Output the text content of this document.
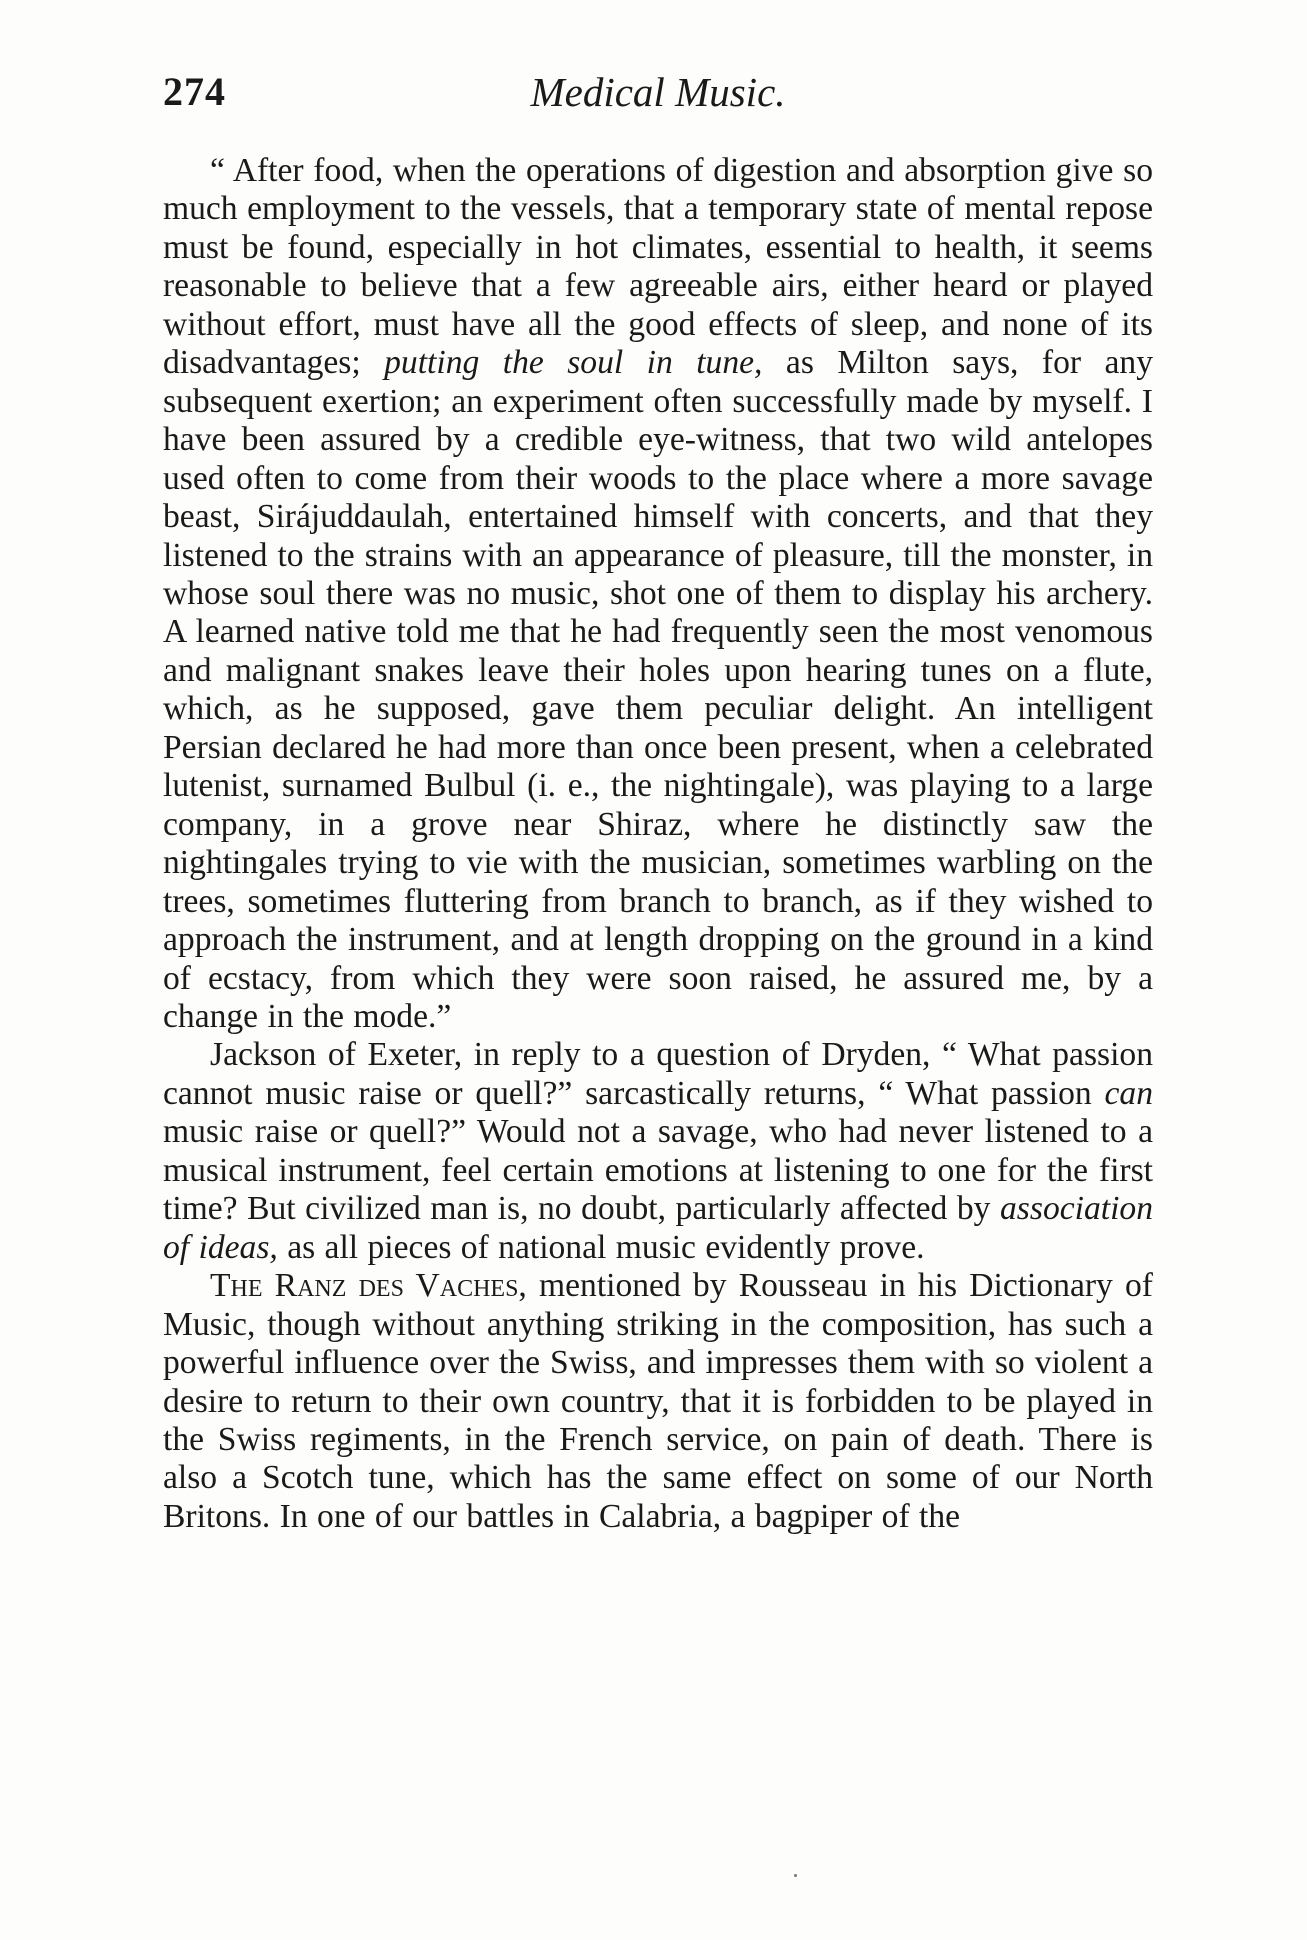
274	Medical Music.

“ After food, when the operations of digestion and absorption give so much employment to the vessels, that a temporary state of mental repose must be found, especially in hot climates, essential to health, it seems reasonable to believe that a few agreeable airs, either heard or played without effort, must have all the good effects of sleep, and none of its disadvantages; putting the soul in tune, as Milton says, for any subsequent exertion; an experiment often successfully made by myself. I have been assured by a credible eye-witness, that two wild antelopes used often to come from their woods to the place where a more savage beast, Sirájuddaulah, entertained himself with concerts, and that they listened to the strains with an appearance of pleasure, till the monster, in whose soul there was no music, shot one of them to display his archery. A learned native told me that he had frequently seen the most venomous and malignant snakes leave their holes upon hearing tunes on a flute, which, as he supposed, gave them peculiar delight. An intelligent Persian declared he had more than once been present, when a celebrated lutenist, surnamed Bulbul (i. e., the nightingale), was playing to a large company, in a grove near Shiraz, where he distinctly saw the nightingales trying to vie with the musician, sometimes warbling on the trees, sometimes fluttering from branch to branch, as if they wished to approach the instrument, and at length dropping on the ground in a kind of ecstacy, from which they were soon raised, he assured me, by a change in the mode.”

Jackson of Exeter, in reply to a question of Dryden, “ What passion cannot music raise or quell?” sarcastically returns, “ What passion can music raise or quell?” Would not a savage, who had never listened to a musical instrument, feel certain emotions at listening to one for the first time? But civilized man is, no doubt, particularly affected by association of ideas, as all pieces of national music evidently prove.

The Ranz des Vaches, mentioned by Rousseau in his Dictionary of Music, though without anything striking in the composition, has such a powerful influence over the Swiss, and impresses them with so violent a desire to return to their own country, that it is forbidden to be played in the Swiss regiments, in the French service, on pain of death. There is also a Scotch tune, which has the same effect on some of our North Britons. In one of our battles in Calabria, a bagpiper of the
